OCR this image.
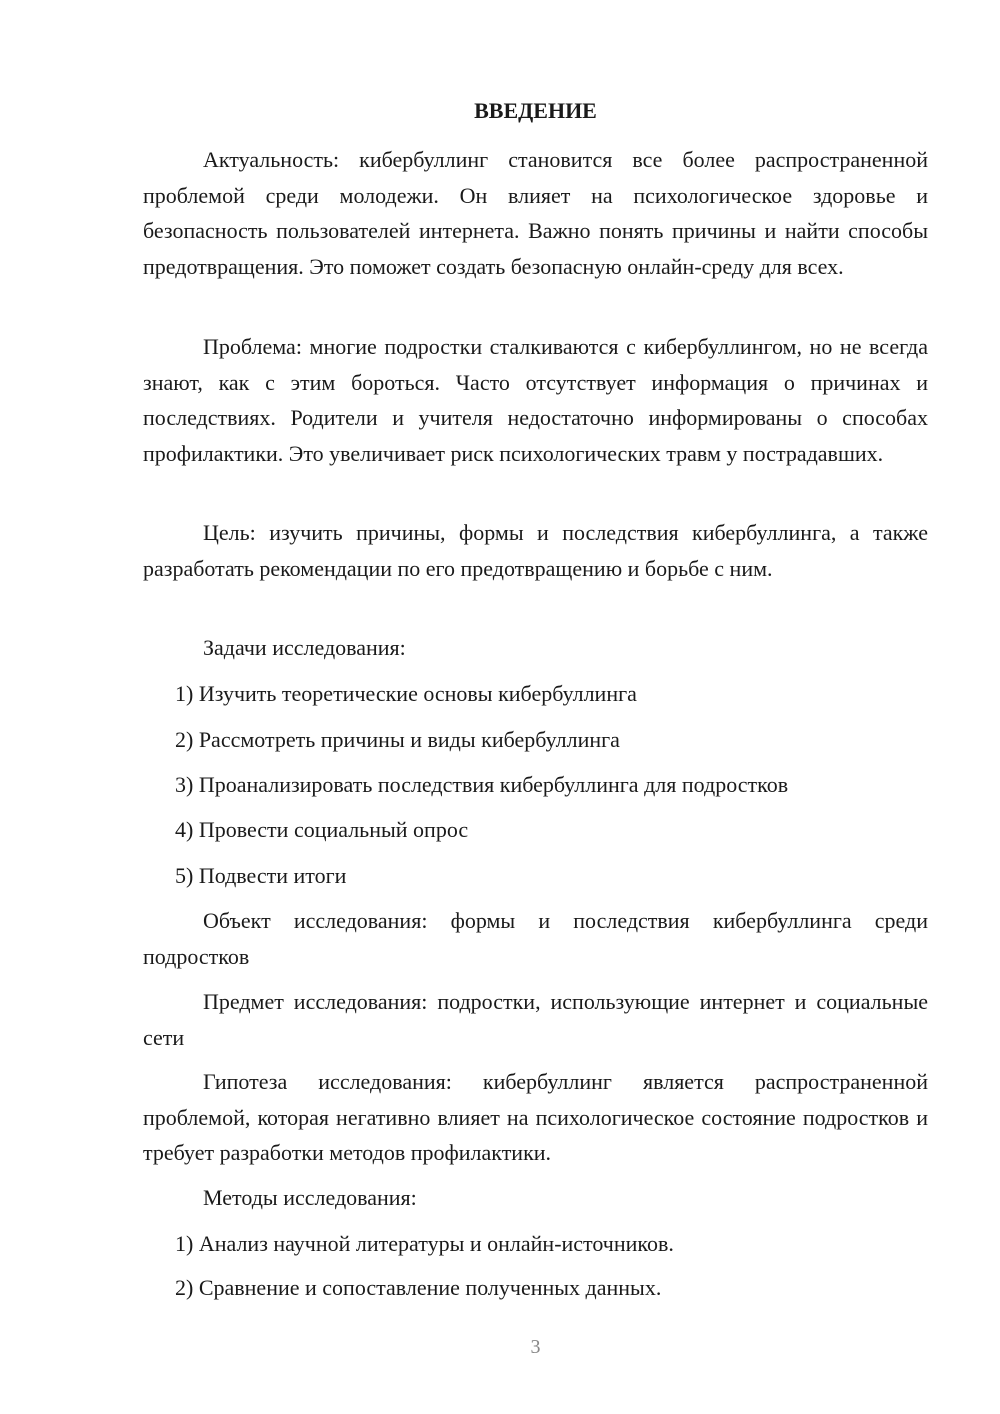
ВВЕДЕНИЕ

Актуальность: кибербуллинг становится все более распространенной проблемой среди молодежи. Он влияет на психологическое здоровье и безопасность пользователей интернета. Важно понять причины и найти способы предотвращения. Это поможет создать безопасную онлайн-среду для всех.

Проблема: многие подростки сталкиваются с кибербуллингом, но не всегда знают, как с этим бороться. Часто отсутствует информация о причинах и последствиях. Родители и учителя недостаточно информированы о способах профилактики. Это увеличивает риск психологических травм у пострадавших.

Цель: изучить причины, формы и последствия кибербуллинга, а также разработать рекомендации по его предотвращению и борьбе с ним.

Задачи исследования:

1) Изучить теоретические основы кибербуллинга

2) Рассмотреть причины и виды кибербуллинга

3) Проанализировать последствия кибербуллинга для подростков

4) Провести социальный опрос

5) Подвести итоги

Объект исследования: формы и последствия кибербуллинга среди подростков

Предмет исследования: подростки, использующие интернет и социальные сети

Гипотеза исследования: кибербуллинг является распространенной проблемой, которая негативно влияет на психологическое состояние подростков и требует разработки методов профилактики.

Методы исследования:

1) Анализ научной литературы и онлайн-источников.

2) Сравнение и сопоставление полученных данных.

3
